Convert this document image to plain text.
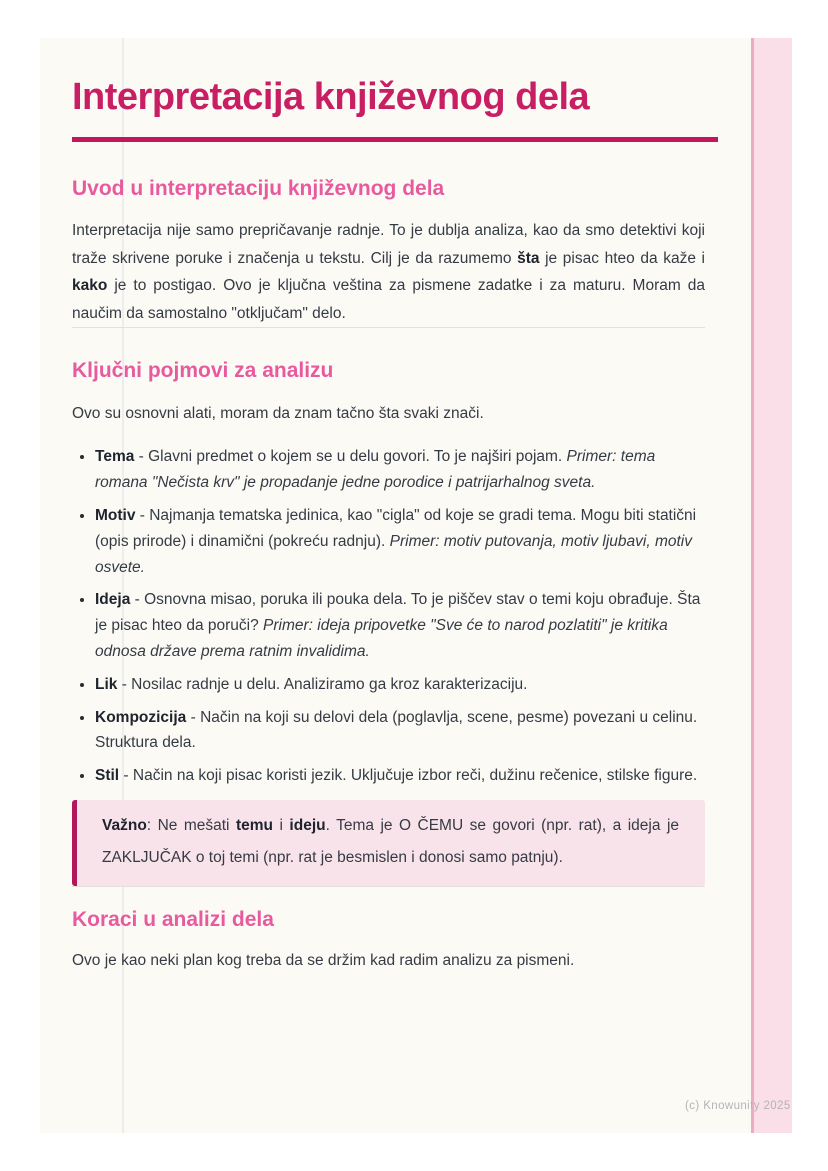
Interpretacija književnog dela
Uvod u interpretaciju književnog dela

Interpretacija nije samo prepričavanje radnje. To je dublja analiza, kao da smo detektivi koji traže skrivene poruke i značenja u tekstu. Cilj je da razumemo šta je pisac hteo da kaže i kako je to postigao. Ovo je ključna veština za pismene zadatke i za maturu. Moram da naučim da samostalno "otključam" delo.

Ključni pojmovi za analizu

Ovo su osnovni alati, moram da znam tačno šta svaki znači.

• Tema - Glavni predmet o kojem se u delu govori. To je najširi pojam. Primer: tema romana "Nečista krv" je propadanje jedne porodice i patrijarhalnog sveta.
• Motiv - Najmanja tematska jedinica, kao "cigla" od koje se gradi tema. Mogu biti statični (opis prirode) i dinamični (pokreću radnju). Primer: motiv putovanja, motiv ljubavi, motiv osvete.
• Ideja - Osnovna misao, poruka ili pouka dela. To je piščev stav o temi koju obrađuje. Šta je pisac hteo da poruči? Primer: ideja pripovetke "Sve će to narod pozlatiti" je kritika odnosa države prema ratnim invalidima.
• Lik - Nosilac radnje u delu. Analiziramo ga kroz karakterizaciju.
• Kompozicija - Način na koji su delovi dela (poglavlja, scene, pesme) povezani u celinu. Struktura dela.
• Stil - Način na koji pisac koristi jezik. Uključuje izbor reči, dužinu rečenice, stilske figure.

Važno: Ne mešati temu i ideju. Tema je O ČEMU se govori (npr. rat), a ideja je ZAKLJUČAK o toj temi (npr. rat je besmislen i donosi samo patnju).

Koraci u analizi dela

Ovo je kao neki plan kog treba da se držim kad radim analizu za pismeni.

(c) Knowunity 2025
